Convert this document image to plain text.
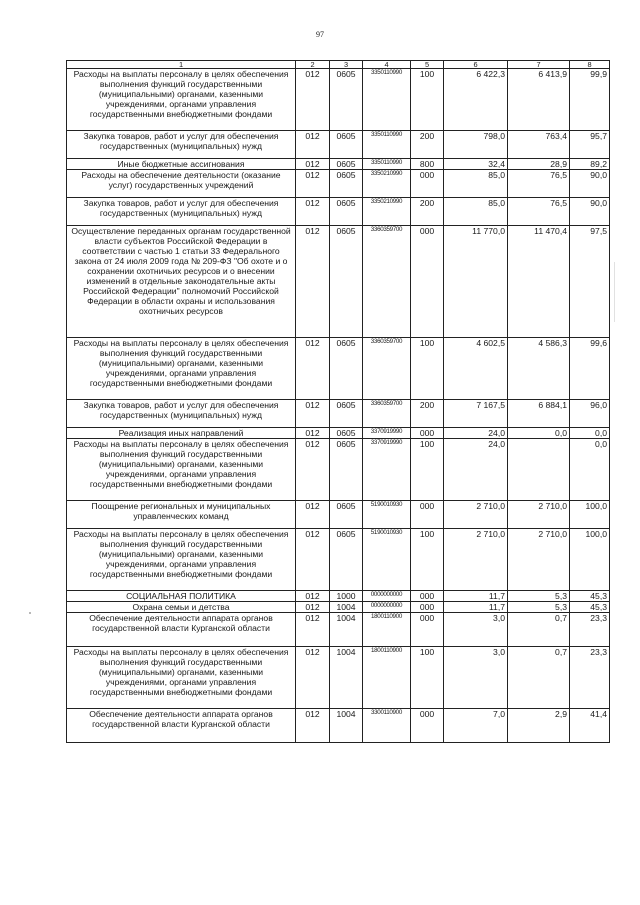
97
1	2	3	4	5	6	7	8
Расходы на выплаты персоналу в целях обеспечения выполнения функций государственными (муниципальными) органами, казенными учреждениями, органами управления государственными внебюджетными фондами	012	0605	3350110990	100	6 422,3	6 413,9	99,9
Закупка товаров, работ и услуг для обеспечения государственных (муниципальных) нужд	012	0605	3350110990	200	798,0	763,4	95,7
Иные бюджетные ассигнования	012	0605	3350110990	800	32,4	28,9	89,2
Расходы на обеспечение деятельности (оказание услуг) государственных учреждений	012	0605	3350210990	000	85,0	76,5	90,0
Закупка товаров, работ и услуг для обеспечения государственных (муниципальных) нужд	012	0605	3350210990	200	85,0	76,5	90,0
Осуществление переданных органам государственной власти субъектов Российской Федерации в соответствии с частью 1 статьи 33 Федерального закона от 24 июля 2009 года № 209-ФЗ "Об охоте и о сохранении охотничьих ресурсов и о внесении изменений в отдельные законодательные акты Российской Федерации" полномочий Российской Федерации в области охраны и использования охотничьих ресурсов	012	0605	3360359700	000	11 770,0	11 470,4	97,5
Расходы на выплаты персоналу в целях обеспечения выполнения функций государственными (муниципальными) органами, казенными учреждениями, органами управления государственными внебюджетными фондами	012	0605	3360359700	100	4 602,5	4 586,3	99,6
Закупка товаров, работ и услуг для обеспечения государственных (муниципальных) нужд	012	0605	3360359700	200	7 167,5	6 884,1	96,0
Реализация иных направлений	012	0605	3370919990	000	24,0	0,0	0,0
Расходы на выплаты персоналу в целях обеспечения выполнения функций государственными (муниципальными) органами, казенными учреждениями, органами управления государственными внебюджетными фондами	012	0605	3370919990	100	24,0		0,0
Поощрение региональных и муниципальных управленческих команд	012	0605	5190010930	000	2 710,0	2 710,0	100,0
Расходы на выплаты персоналу в целях обеспечения выполнения функций государственными (муниципальными) органами, казенными учреждениями, органами управления государственными внебюджетными фондами	012	0605	5190010930	100	2 710,0	2 710,0	100,0
СОЦИАЛЬНАЯ ПОЛИТИКА	012	1000	0000000000	000	11,7	5,3	45,3
Охрана семьи и детства	012	1004	0000000000	000	11,7	5,3	45,3
Обеспечение деятельности аппарата органов государственной власти Курганской области	012	1004	1800110900	000	3,0	0,7	23,3
Расходы на выплаты персоналу в целях обеспечения выполнения функций государственными (муниципальными) органами, казенными учреждениями, органами управления государственными внебюджетными фондами	012	1004	1800110900	100	3,0	0,7	23,3
Обеспечение деятельности аппарата органов государственной власти Курганской области	012	1004	3300110900	000	7,0	2,9	41,4
